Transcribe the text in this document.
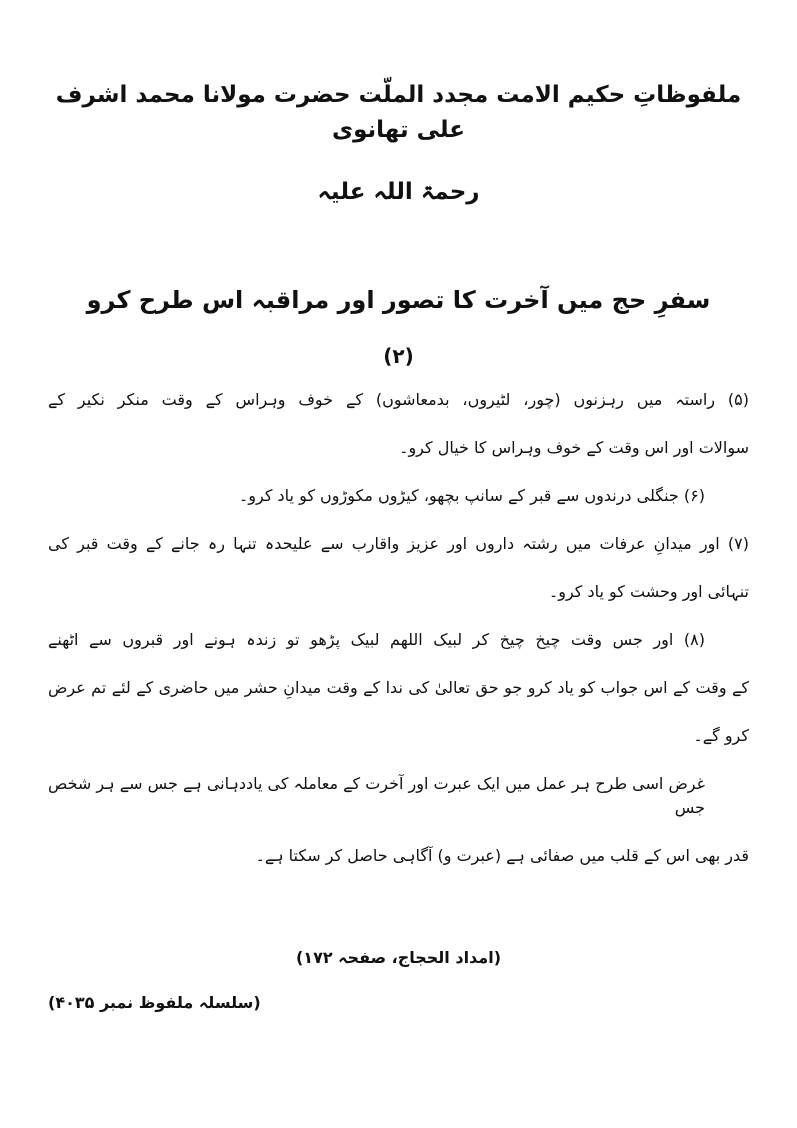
ملفوظاتِ حکیم الامت مجدد الملّت حضرت مولانا محمد اشرف علی تھانوی
رحمۃ اللہ علیہ
سفرِ حج میں آخرت کا تصور اور مراقبہ اس طرح کرو
(۲)
(۵) راستہ میں رہزنوں (چور، لٹیروں، بدمعاشوں) کے خوف وہراس کے وقت منکر نکیر کے
سوالات اور اس وقت کے خوف وہراس کا خیال کرو۔
(۶) جنگلی درندوں سے قبر کے سانپ بچھو، کیڑوں مکوڑوں کو یاد کرو۔
(۷) اور میدانِ عرفات میں رشتہ داروں اور عزیز واقارب سے علیحدہ تنہا رہ جانے کے وقت قبر کی
تنہائی اور وحشت کو یاد کرو۔
(۸) اور جس وقت چیخ چیخ کر لبیک اللھم لبیک پڑھو تو زندہ ہونے اور قبروں سے اٹھنے
کے وقت کے اس جواب کو یاد کرو جو حق تعالیٰ کی ندا کے وقت میدانِ حشر میں حاضری کے لئے تم عرض
کرو گے۔
غرض اسی طرح ہر عمل میں ایک عبرت اور آخرت کے معاملہ کی یاددہانی ہے جس سے ہر شخص جس
قدر بھی اس کے قلب میں صفائی ہے (عبرت و) آگاہی حاصل کر سکتا ہے۔
(امداد الحجاج، صفحہ ۱۷۲)
(سلسلہ ملفوظ نمبر ۴۰۳۵)
